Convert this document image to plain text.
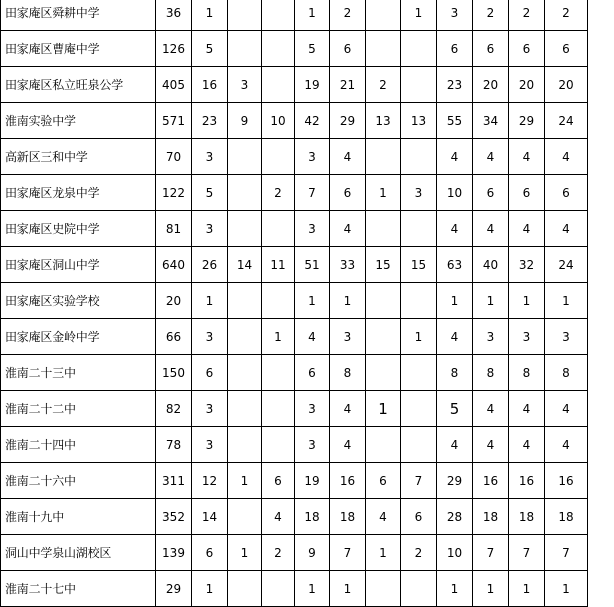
田家庵区舜耕中学	36	1			1	2		1	3	2	2	2
田家庵区曹庵中学	126	5			5	6			6	6	6	6
田家庵区私立旺泉公学	405	16	3		19	21	2		23	20	20	20
淮南实验中学	571	23	9	10	42	29	13	13	55	34	29	24
高新区三和中学	70	3			3	4			4	4	4	4
田家庵区龙泉中学	122	5		2	7	6	1	3	10	6	6	6
田家庵区史院中学	81	3			3	4			4	4	4	4
田家庵区洞山中学	640	26	14	11	51	33	15	15	63	40	32	24
田家庵区实验学校	20	1			1	1			1	1	1	1
田家庵区金岭中学	66	3		1	4	3		1	4	3	3	3
淮南二十三中	150	6			6	8			8	8	8	8
淮南二十二中	82	3			3	4	1		5	4	4	4
淮南二十四中	78	3			3	4			4	4	4	4
淮南二十六中	311	12	1	6	19	16	6	7	29	16	16	16
淮南十九中	352	14		4	18	18	4	6	28	18	18	18
洞山中学泉山湖校区	139	6	1	2	9	7	1	2	10	7	7	7
淮南二十七中	29	1			1	1			1	1	1	1
